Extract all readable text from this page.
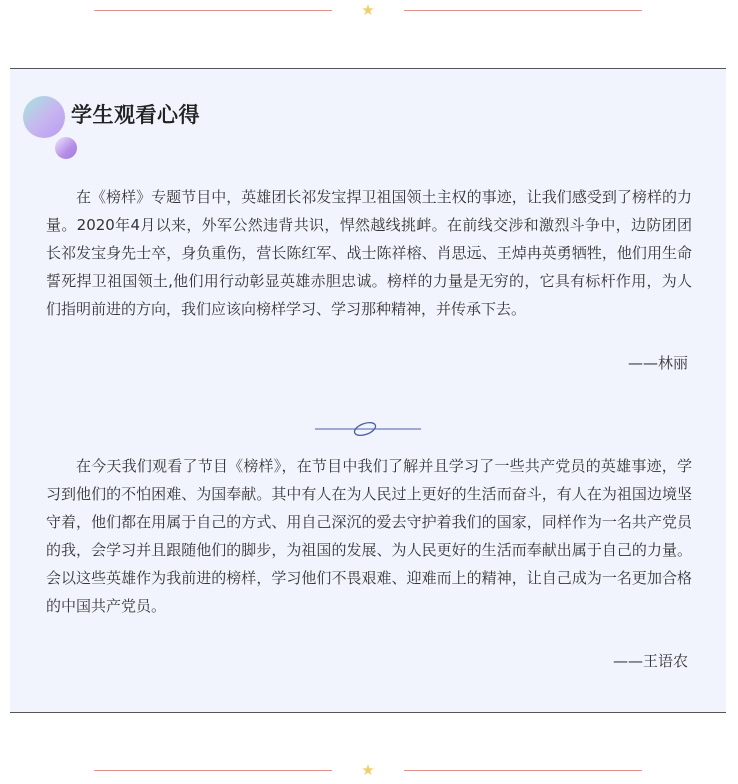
★
学生观看心得

在《榜样》专题节目中，英雄团长祁发宝捍卫祖国领土主权的事迹，让我们感受到了榜样的力量。2020年4月以来，外军公然违背共识，悍然越线挑衅。在前线交涉和激烈斗争中，边防团团长祁发宝身先士卒，身负重伤，营长陈红军、战士陈祥榕、肖思远、王焯冉英勇牺牲，他们用生命誓死捍卫祖国领土,他们用行动彰显英雄赤胆忠诚。榜样的力量是无穷的，它具有标杆作用，为人们指明前进的方向，我们应该向榜样学习、学习那种精神，并传承下去。

——林丽

在今天我们观看了节目《榜样》，在节目中我们了解并且学习了一些共产党员的英雄事迹，学习到他们的不怕困难、为国奉献。其中有人在为人民过上更好的生活而奋斗，有人在为祖国边境坚守着，他们都在用属于自己的方式、用自己深沉的爱去守护着我们的国家，同样作为一名共产党员的我，会学习并且跟随他们的脚步，为祖国的发展、为人民更好的生活而奉献出属于自己的力量。会以这些英雄作为我前进的榜样，学习他们不畏艰难、迎难而上的精神，让自己成为一名更加合格的中国共产党员。

——王语农
★
